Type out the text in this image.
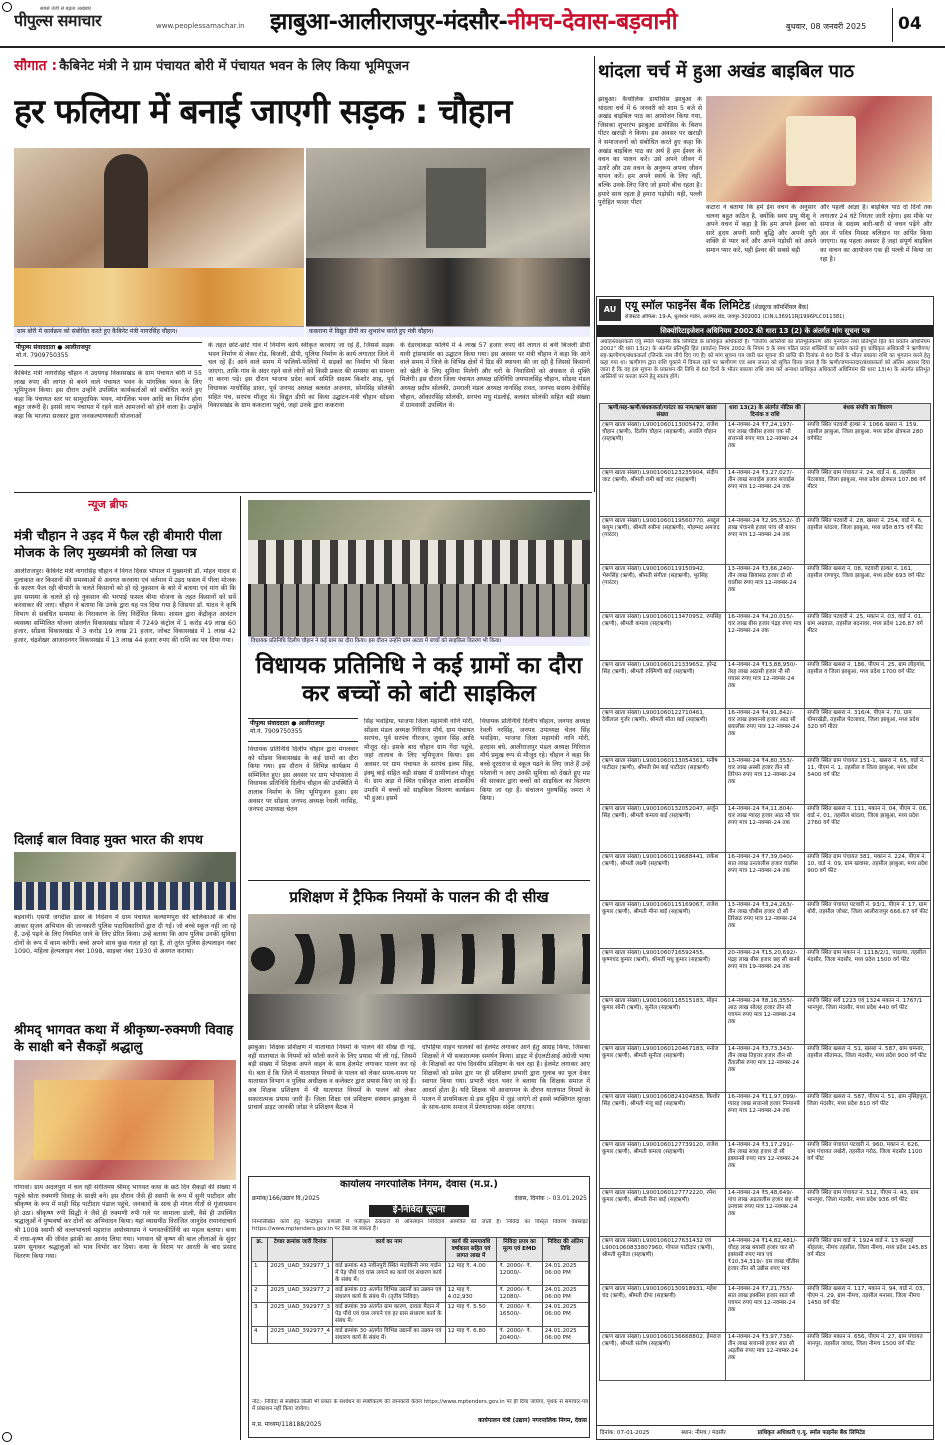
सबसे तेजी से बढ़ता अखबार
पीपुल्स समाचार	www.peoplessamachar.in	झाबुआ-आलीराजपुर-मंदसौर-नीमच-देवास-बड़वानी	बुधवार, 08 जनवरी 2025	04
सौगात : कैबिनेट मंत्री ने ग्राम पंचायत बोरी में पंचायत भवन के लिए किया भूमिपूजन
हर फलिया में बनाई जाएगी सड़क : चौहान
ग्राम बोरी में कार्यक्रम को संबोधित करते हुए कैबिनेट मंत्री नागरसिंह चौहान।	ककराना में विद्युत डीपी का शुभारंभ करते हुए मंत्री चौहान।
पीपुल्स संवाददाता ● आलीराजपुर
मो.नं. 7909750355
कैबिनेट मंत्री नागरसिंह चौहान ने उदयगढ़ विकासखंड के ग्राम पंचायत बोरी में 55 लाख रुपए की लागत से बनने वाले पंचायत भवन के मांगलिक भवन के लिए भूमिपूजन किया। इस दौरान उन्होंने उपस्थित कार्यकर्ताओं को संबोधित करते हुए कहा कि पंचायत स्तर पर सामुदायिक भवन, मांगलिक भवन आदि का निर्माण होना बहुत जरूरी है। इससे लाभ पंचायत में रहने वाले आमजनों को होने वाला है। उन्होंने कहा कि भाजपा सरकार द्वारा जनकल्याणकारी योजनाओं
के तहत छोटे-छोटे गांव में निर्माण कार्य स्वीकृत करवाए जा रहे हैं, जिससे सड़क भवन निर्माण से लेकर रोड, बिजली, डीपी, पुलिया निर्माण के कार्य लगातार जिले में चल रहे हैं। आने वाले समय में फलियों-फलियों में सड़कों का निर्माण भी किया जाएगा, ताकि गांव के अंदर रहने वाले लोगों को किसी प्रकार की समस्या का सामना ना करना पड़े। इस दौरान भाजपा प्रदेश कार्य समिति सदस्य किशोर शाह, पूर्व विधायक माधोसिंह डावर, पूर्व जनपद अध्यक्ष बलवंत अजनार, सोमसिंह सोलंकी सहित पंच, सरपंच मौजूद थे। विद्युत डीपी का किया उद्घाटन-मंत्री चौहान सोंडवा विकासखंड के ग्राम ककराना पहुंचे, जहां उनके द्वारा ककराना
के देडरवाकड़ा फलिये में 4 लाख 57 हजार रुपए की लागत से बनी बिजली डीपी यानी ट्रांसफार्मर का उद्घाटन किया गया। इस अवसर पर मंत्री चौहान ने कहा कि आने वाले समय में जिले के विभिन्न क्षेत्रों में ग्रिड की स्थापना की जा रही है जिससे किसानों को खेती के लिए सुविधा मिलेगी और घरों के निवासियों को अंधकार से मुक्ति मिलेगी। इस दौरान जिला पंचायत अध्यक्ष प्रतिनिधि जयपालसिंह चौहान, सोंडवा मंडल अध्यक्ष प्रदीप सोलंकी, उमराली मंडल अध्यक्ष नानसिंह रावत, जनपद सदस्य देवीसिंह चौहान, ओंकारसिंह सोलंकी, सरपंच मधु मंडलोई, बलवंत सोलंकी सहित बड़ी संख्या में ग्रामवासी उपस्थित थे।
थांदला चर्च में हुआ अखंड बाइबिल पाठ
झाबुआ। कैथोलिक डायोसिस झाबुआ के थांदला चर्च में 6 जनवरी को शाम 5 बजे से अखंड बाइबिल पाठ का आयोजन किया गया, जिसका शुभारंभ झाबुआ डायोसिस के बिशप पीटर खराड़ी ने किया। इस अवसर पर खराड़ी ने समाजजनों को संबोधित करते हुए कहा कि अखंड बाइबिल पाठ का अर्थ है हम ईश्वर के वचन का पालन करें। उसे अपने जीवन में उतारें और उस वचन के अनुरूप अपना जीवन यापन करें। हम अपने स्वार्थ के लिए नहीं, बल्कि उनके लिए जिएं जो हमारे बीच रहता है। हमारे साथ रहता है हमारा पड़ोसी। यही, पल्ली पुरोहित फादर पीटर
कटारा ने बताया कि हमें ईश वचन के अनुसार चलना बहुत कठिन है, क्योंकि स्वयं प्रभु यीशु ने अपने वचन में कहा है कि हम अपने ईश्वर को सारे हृदय अपनी सारी बुद्धि और अपनी पूरी शक्ति से प्यार करें और अपने पड़ोसी को अपने समान प्यार करें, यही ईश्वर की सबसे बड़ी
और पहली आज्ञा है। बाइबिल पाठ दो दिनों तक लगातार 24 घंटे निरंतर जारी रहेगा। इस मौके पर समाज के सदस्य बारी-बारी से वचन पढ़ेंगे और अंत में पवित्र मिस्सा बलिदान पर अर्पित किया जाएगा। यह पहला अवसर है जहां संपूर्ण बाइबिल का वाचन का आयोजन एक ही पल्ली में किया जा रहा है।
AU एयू स्मॉल फाइनेंस बैंक लिमिटेड (शेड्यूल्ड कॉमर्शियल बैंक)
रजिस्टर्ड ऑफिस: 19-A, धुलेश्वर गार्डन, अजमेर रोड, जयपुर-302001 (CIN:L36911RJ1996PLC011381)
सिक्योरिटाइजेशन अधिनियम 2002 की धारा 13 (2) के अंतर्गत मांग सूचना पत्र
अधोहस्ताक्षरकर्ता एयू स्मॉल फाइनेंस बैंक लिमिटेड के प्राधिकृत अधिकारी है। "वित्तीय आस्तियों का प्रतिभूतिकरण और पुनर्गठन तथा प्रतिभूति हित का प्रवर्तन अधिनियम 2002" की धारा 13(2) के अंतर्गत प्रतिभूति हित (प्रवर्तन) नियम 2002 के नियम 3 के साथ पठित प्रदत्त शक्तियों का प्रयोग करते हुए प्राधिकृत अधिकारी ने ऋणीगण/सह-ऋणीगण/बंधककर्ता (जिनके नाम नीचे दिए गए हैं) को मांग सूचना पत्र जारी कर सूचना की प्राप्ति की दिनांक से 60 दिनों के भीतर बकाया राशि का भुगतान करने हेतु कहा गया था। ऋणीगण द्वारा राशि चुकाने में विफल रहने पर ऋणीगण एवं आम जनता को सूचित किया जाता है कि ऋणी/जमानतदार/बंधककर्ता को अंतिम अवसर दिया जाता है कि वह इस सूचना के प्रकाशन की तिथि से 60 दिनों के भीतर बकाया राशि जमा करें अन्यथा प्राधिकृत अधिकारी अधिनियम की धारा 13(4) के अंतर्गत प्रतिभूत आस्तियों पर कब्जा करने हेतु स्वतंत्र होंगे।
ऋणी/सह-ऋणी/बंधककर्ता/गारंटर का नाम/ऋण खाता संख्या	धारा 13(2) के अंतर्गत नोटिस की दिनांक व राशि	बंधक संपत्ति का विवरण
(ऋण खाता संख्या) L9001060113005472, राजेश चौहान (ऋणी), दिलीप चौहान (सहऋणी), अंजलि चौहान (सहऋणी)	14-नवम्बर-24 ₹7,24,197/- चार लाख चौबीस हजार एक सौ सत्तानबे रुपए मात्र 12-नवम्बर-24 तक	संपत्ति स्थित पटवारी हल्का नं. 1066 खसरा नं. 159, तहसील झाबुआ, जिला झाबुआ, मध्य प्रदेश क्षेत्रफल 280 वर्गफीट
(ऋण खाता संख्या) L9001060123235904, संदीप जाट (ऋणी), श्रीमती रामी बाई जाट (सहऋणी)	14-नवम्बर-24 ₹3,27,027/- तीन लाख सत्ताईस हजार सत्ताईस रुपए मात्र 12-नवम्बर-24 तक	संपत्ति स्थित ग्राम पंचायत नं. 24, वार्ड नं. 6, तहसील पेटलावद, जिला झाबुआ, मध्य प्रदेश क्षेत्रफल 107.86 वर्ग मीटर
(ऋण खाता संख्या) L9001060119560770, अब्दुल कयूम (ऋणी), श्रीमती रुबीना (सहऋणी), मोहम्मद अमजद (गारंटर)	14-नवम्बर-24 ₹2,95,552/- दो लाख पंचानबे हजार पांच सौ बावन रुपए मात्र 12-नवम्बर-24 तक	संपत्ति स्थित पटवारी नं. 28, खसरा नं. 254, वार्ड नं. 6, तहसील थांदला, जिला झाबुआ, मध्य प्रदेश 875 वर्ग फीट
(ऋण खाता संख्या) L9001060119150942, भेरूसिंह (ऋणी), श्रीमती संगीता (सहऋणी), भूरसिंह (गारंटर)	13-नवम्बर-24 ₹3,66,240/- तीन लाख छियासठ हजार दो सौ चालीस रुपए मात्र 12-नवम्बर-24 तक	संपत्ति स्थित खसरा नं. 08, पटवारी हल्का नं. 161, तहसील राणापुर, जिला झाबुआ, मध्य प्रदेश 693 वर्ग फीट
(ऋण खाता संख्या) L9001060113470952, रुपसिंह (ऋणी), श्रीमती कमला (सहऋणी)	16-नवम्बर-24 ₹4,20,015/- चार लाख बीस हजार पंद्रह रुपए मात्र 12-नवम्बर-24 तक	संपत्ति स्थित पटवारी नं. 25, मकान नं. 03, वार्ड नं. 01, ग्राम अग्रवाल, तहसील बदनावर, मध्य प्रदेश 126.87 वर्ग मीटर
(ऋण खाता संख्या) L9001060121339652, हरेन्द्र सिंह (ऋणी), श्रीमती रुक्मिणी बाई (सहऋणी)	14-नवम्बर-24 ₹13,88,950/- तेरह लाख अठासी हजार नौ सौ पचास रुपए मात्र 12-नवम्बर-24 तक	संपत्ति स्थित खसरा नं. 186, पीएम नं. 25, ग्राम लोहगांव, तहसील व जिला झाबुआ, मध्य प्रदेश 1700 वर्ग फीट
(ऋण खाता संख्या) L9001060122710461, देवीलाल गुर्जर (ऋणी), श्रीमती सीता बाई (सहऋणी)	16-नवम्बर-24 ₹4,91,842/- चार लाख इक्यानबे हजार आठ सौ बयालीस रुपए मात्र 12-नवम्बर-24 तक	संपत्ति स्थित खसरा नं. 316/4, पीएम नं. 70, ग्राम धीमरखेड़ी, तहसील पेटलावद, जिला झाबुआ, मध्य प्रदेश 320 वर्ग मीटर
(ऋण खाता संख्या) L9001060113054361, मनीष पाटीदार (ऋणी), श्रीमती प्रेम बाई पाटीदार (सहऋणी)	13-नवम्बर-24 ₹4,80,353/- चार लाख अस्सी हजार तीन सौ तिरेपन रुपए मात्र 12-नवम्बर-24 तक	संपत्ति स्थित ग्राम पंचायत 151-1, खसरा नं. 65, वार्ड नं. 11, पीएम नं. 1, तहसील व जिला झाबुआ, मध्य प्रदेश 5400 वर्ग फीट
(ऋण खाता संख्या) L9001060132052047, अर्जुन सिंह (ऋणी), श्रीमती कमला बाई (सहऋणी)	14-नवम्बर-24 ₹4,11,804/- चार लाख ग्यारह हजार आठ सौ चार रुपए मात्र 12-नवम्बर-24 तक	संपत्ति स्थित खसरा नं. 111, मकान नं. 04, पीएम नं. 06, वार्ड नं. 01, तहसील थांदला, जिला झाबुआ, मध्य प्रदेश 2760 वर्ग फीट
(ऋण खाता संख्या) L9001060119688441, राकेश (ऋणी), श्रीमती लक्ष्मी (सहऋणी)	16-नवम्बर-24 ₹7,39,040/- सात लाख उनतालीस हजार चालीस रुपए मात्र 12-नवम्बर-24 तक	संपत्ति स्थित ग्राम पंचायत 381, मकान नं. 224, पीएम नं. 10, वार्ड नं. 09, ग्राम खवासा, तहसील झाबुआ, मध्य प्रदेश 900 वर्ग फीट
(ऋण खाता संख्या) L9001060115169067, राजेश कुमार (ऋणी), श्रीमती मीना बाई (सहऋणी)	13-नवम्बर-24 ₹3,24,263/- तीन लाख चौबीस हजार दो सौ तिरेसठ रुपए मात्र 12-नवम्बर-24 तक	संपत्ति स्थित पंचायत पटवारी नं. 93/1, पीएम नं. 17, ग्राम बोरी, तहसील जोबट, जिला आलीराजपुर 666.67 वर्ग फीट
(ऋण खाता संख्या) L9001060716592455, कृष्णचंद कुमार (ऋणी), श्रीमती मधु कुमार (सहऋणी)	20-नवम्बर-24 ₹15,20,692/- पंद्रह लाख बीस हजार छह सौ बानबे रुपए मात्र 19-नवम्बर-24 तक	संपत्ति स्थित ग्राम मकान नं. 1118/2/1, पाडल्या, तहसील मंदसौर, जिला मंदसौर, मध्य प्रदेश 1500 वर्ग फीट
(ऋण खाता संख्या) L9001060118515183, मोहन कुमार सोनी (ऋणी), सुनील (सहऋणी)	14-नवम्बर-24 ₹8,16,355/- आठ लाख सोलह हजार तीन सौ पचपन रुपए मात्र 12-नवम्बर-24 तक	संपत्ति स्थित सर्वे 1223 एवं 1324 मकान नं. 1767/1 भानपुरा, जिला मंदसौर, मध्य प्रदेश 440 वर्ग फीट
(ऋण खाता संख्या) L9001060120467183, मनोज कुमार (ऋणी), श्रीमती सुनीता (सहऋणी)	14-नवम्बर-24 ₹3,73,343/- तीन लाख तिहत्तर हजार तीन सौ तैंतालीस रुपए मात्र 12-नवम्बर-24 तक	संपत्ति स्थित खसरा नं. 51, खसरा नं. 587, ग्राम धमनार, तहसील सीतामऊ, जिला मंदसौर, मध्य प्रदेश 900 वर्ग फीट
(ऋण खाता संख्या) L9001060824104858, किशोर सिंह (ऋणी), श्रीमती मंजू बाई (सहऋणी)	16-नवम्बर-24 ₹11,97,099/- ग्यारह लाख सत्तानबे हजार निन्यानबे रुपए मात्र 12-नवम्बर-24 तक	संपत्ति स्थित खसरा नं. 587, पीएम नं. 51, ग्राम नृसिंहपुरा, जिला मंदसौर, मध्य प्रदेश 810 वर्ग फीट
(ऋण खाता संख्या) L9001060127739120, राजेश कुमार (ऋणी), श्रीमती कमला (सहऋणी)	14-नवम्बर-24 ₹3,17,291/- तीन लाख सत्रह हजार दो सौ इक्यानबे रुपए मात्र 12-नवम्बर-24 तक	संपत्ति स्थित पंचायत पटवारी नं. 960, मकान नं. 626, ग्राम पंचायत लखेरी, तहसील गरोठ, जिला मंदसौर 1100 वर्ग फीट
(ऋण खाता संख्या) L9001060127772220, रमेश कुमार (ऋणी), श्रीमती रीना बाई (सहऋणी)	14-नवम्बर-24 ₹5,48,649/- पांच लाख अड़तालीस हजार छह सौ उनचास रुपए मात्र 12-नवम्बर-24 तक	संपत्ति स्थित ग्राम पंचायत नं. 512, पीएम नं. 43, ग्राम भानपुरा, जिला मंदसौर, मध्य प्रदेश 936 वर्ग फीट
(ऋण खाता संख्या) L9001060127631432 एवं L9001060833807960, गोपाल पाटीदार (ऋणी), श्रीमती सुनीता (सहऋणी)	14-नवम्बर-24 ₹14,82,481/- चौदह लाख बयासी हजार चार सौ इक्यासी रुपए मात्र एवं ₹10,34,319/- दस लाख चौंतीस हजार तीन सौ उन्नीस रुपए मात्र	संपत्ति स्थित ग्राम वार्ड नं. 1924 वार्ड नं. 13 कन्हाई मोहल्ला, नीमच तहसील, जिला नीमच, मध्य प्रदेश 145.85 वर्ग मीटर
(ऋण खाता संख्या) L9001060130918931, महेश चंद (ऋणी), श्रीमती दीपा (सहऋणी)	14-नवम्बर-24 ₹7,21,755/- सात लाख इक्कीस हजार सात सौ पचपन रुपए मात्र 12-नवम्बर-24 तक	संपत्ति स्थित खसरा नं. 117, मकान नं. 94, वार्ड नं. 03, पीएम नं. 29, ग्राम नीमच, तहसील मनासा, जिला नीमच 1450 वर्ग फीट
(ऋण खाता संख्या) L9001060136668802, हेमराज (ऋणी), श्रीमती संतोष (सहऋणी)	14-नवम्बर-24 ₹3,97,738/- तीन लाख सत्तानबे हजार सात सौ अड़तीस रुपए मात्र 12-नवम्बर-24 तक	संपत्ति स्थित मकान नं. 656, पीएम नं. 27, ग्राम पंचायत मानपुर, तहसील जावद, जिला नीमच 1500 वर्ग फीट
दिनांक: 07-01-2025	स्थान: नीमच / मंदसौर	प्राधिकृत अधिकारी ए.यू. स्मॉल फाइनेंस बैंक लिमिटेड
न्यूज ब्रीफ
मंत्री चौहान ने उड़द में फैल रही बीमारी पीला मोजक के लिए मुख्यमंत्री को लिखा पत्र
आलीराजपुर। कैबिनेट मंत्री नागरसिंह चौहान ने विगत दिवस भोपाल में मुख्यमंत्री डॉ. मोहन यादव से मुलाकात कर किसानों की समस्याओं से अवगत करवाया एवं वर्तमान में उड़द फसल में पीला मोजक के कारण फैल रही बीमारी के चलते किसानों को हो रहे नुकसान के बारे में बताया एवं मांग की कि इस समस्या के चलते हो रहे नुकसान की भरपाई फसल बीमा योजना के तहत किसानों को सर्वे करवाकर की जाए। चौहान ने बताया कि उनके द्वारा यह पत्र दिया गया है जिसपर डॉ. यादव ने कृषि विभाग से संबंधित समस्या के निराकरण के लिए निर्देशित किया। शासन द्वारा केंद्रीकृत आवंटन व्यवस्था सम्मिलित योजना अंतर्गत विकासखंड सोंडवा में 7249 कंट्रोल में 1 करोड़ 49 लाख 60 हजार, सोंडवा विकासखंड में 3 करोड़ 19 लाख 21 हजार, जोबट विकासखंड में 1 लाख 42 हजार, चंद्रशेखर आजादनगर विकासखंड में 13 लाख 44 हजार रुपए की राशि का पत्र दिया गया।
दिलाई बाल विवाह मुक्त भारत की शपथ
बड़वानी। एसपी जगदीश डावर के निर्देशन में ग्राम पंचायत कल्याणपुरा की बालिकाओं के बीच आकर सृजन अभियान की जानकारी पुलिस पदाधिकारियों द्वारा दी गई। जो बच्चे स्कूल नहीं जा रहे हैं, उन्हें पढ़ने के लिए नियमित जाने के लिए प्रेरित किया। उन्हें बताया कि आप पुलिस उनकी सुविधा दोनों के रूप में काम करेगी। बच्चे अपने साथ कुछ गलत हो रहा है, तो तुरंत पुलिस हेल्पलाइन नंबर 1090, महिला हेल्पलाइन नंबर 1098, साइबर नंबर 1930 से अवगत कराया।
श्रीमद् भागवत कथा में श्रीकृष्ण-रुक्मणी विवाह के साक्षी बने सैकड़ों श्रद्धालु
गोगावां। ग्राम अदलपुरा में चल रही संगीतमय श्रीमद् भागवत कथा के छठे दिन सैकड़ों की संख्या में पहुंचे श्रोता रुक्मणी विवाह के साक्षी बने। इस दौरान जैसे ही स्वामी के रूप में सुनी पाटीदार और श्रीकृष्ण के रूप में माही सिंह पाटीदार पंडाल पहुंचे, जनकारों के साथ ही मंगल गीतों से गूंजायमान हो उठा। श्रीकृष्ण रुपी सिद्धी ने जैसे ही रुक्मणी रुपी गले पर वरमाला डाली, वैसे ही उपस्थित श्रद्धालुओं ने पुष्पवर्षा कर दोनों का अभिवादन किया। यहां व्यासपीठ विराजित जानुदेव रामानंदाचार्य श्री 1008 स्वामी श्री वल्लभाचार्य महाराज अयोध्याधाम ने भगवतकीर्तिनी का महत्व बताया। कथा में राधा-कृष्ण की जीवंत झांकी का आनंद लिया गया। भगवान श्री कृष्ण की बाल लीलाओं के सुंदर प्रसंग सुनाकर श्रद्धालुओं को भाव विभोर कर दिया। कथा के विराम पर आरती के बाद प्रसाद वितरण किया गया।
विधायक प्रतिनिधि दिलीप चौहान ने कई ग्राम का दौरा किया। इस दौरान उन्होंने ग्राम अटडा में बच्चों को साइकिल वितरण भी किया।
विधायक प्रतिनिधि ने कई ग्रामों का दौरा कर बच्चों को बांटी साइकिल
पीपुल्स संवाददाता ● आलीराजपुर
मो.नं. 7909750355
विधायक प्रतिनिधि दिलीप चौहान द्वारा मंगलवार को सोंडवा विकासखंड के कई ग्रामों का दौरा किया गया। इस दौरान वे विभिन्न कार्यक्रम में सम्मिलित हुए। इस अवसर पर ग्राम भोपावाला में विधायक प्रतिनिधि दिलीप चौहान की उपस्थिति में तालाब निर्माण के लिए भूमिपूजन हुआ। इस अवसर पर सोंडवा जनपद अध्यक्ष रेवली नरसिंह, जनपद उपाध्यक्ष चेतन
सिंह भवड़िया, भाजपा जिला महामंत्री नानि मोरी, सोंडवा मंडल अध्यक्ष गिरिराज मौर्य, ग्राम पंचायत सरपंच, पूर्व सरपंच गीरजन, जुवान सिंह आदि मौजूद रहे। इसके बाद चौहान ग्राम गेंदा पहुंचे, जहां तालाब के लिए भूमिपूजन किया। इस अवसर पर ग्राम पंचायत के सरपंच इलम सिंह, इंक्यू बाई सहित बड़ी संख्या में ग्रामीणजन मौजूद थे। ग्राम अड़ा में स्थित एकीकृत शाला शासकीय उमावि में बच्चों को साइकिल वितरण कार्यक्रम भी हुआ। इसमें
विधायक प्रतिनिधि दिलीप चौहान, जनपद अध्यक्ष रेवली नरसिंह, जनपद उपाध्यक्ष चेतन सिंह भवड़िया, भाजपा जिला महामंत्री नानि मोरी, हरदास बघे, आलीराजपुर मंडल अध्यक्ष गिरिराज मौर्य प्रमुख रूप से मौजूद रहे। चौहान ने कहा कि बच्चे दूरदराज से स्कूल पढ़ने के लिए जाते हैं उन्हें परेशानी न आए उनकी सुविधा को देखते हुए मप्र की सरकार द्वारा बच्चों को साइकिल का वितरण किया जा रहा है। संचालन पुरुषसिंह जमरा ने किया।
प्रशिक्षण में ट्रैफिक नियमों के पालन की दी सीख
झाबुआ। शिक्षक प्रशिक्षण में यातायात नियमों के पालन की सीख दी गई, वहीं यातायात के नियमों को फॉलो करने के लिए प्रयास भी ली गई, जिसमें बड़ी संख्या में शिक्षक अपने वाहन के साथ हेलमेट लगाकर पालन कर रहे थे। बता दें कि जिले में यातायात नियमों के पालन को लेकर समय-समय पर यातायात विभाग व पुलिस अधीक्षक व कलेक्टर द्वारा प्रयास किए जा रहे हैं। अब शिक्षक प्रशिक्षण में भी यातायात नियमों के पालन को लेकर सकारात्मक प्रयास जारी हैं। जिला शिक्षा एवं प्रशिक्षण संस्थान झाबुआ में प्राचार्य डाइट जानकी जोडा ने प्रशिक्षण बैठक में
दोपहिया वाहन चालकों को हेलमेट लगाकर आने हेतु आग्रह किया, जिसका शिक्षकों ने भी सकारात्मक समर्थन किया। डाइट में ईएलटीआई अंग्रेजी भाषा के शिक्षकों का पांच दिवसीय प्रशिक्षण के चल रहा है। हेलमेट लगाकर आए शिक्षकों को प्रवेश द्वार पर ही प्रशिक्षण प्रभारी द्वारा गुलाब का फूल देकर स्वागत किया गया। प्रभारी चंदन भवर ने बताया कि शिक्षक समाज में आदर्श होता है। यदि शिक्षक भी आवागमन के दौरान यातायात नियमों के पालन में प्राथमिकता से इस मुहिम में जुड़ जाएंगे तो इससे व्यक्तिगत सुरक्षा के साथ-साथ समाज में प्रेरणादायक संदेश जाएगा।
कार्यालय नगरपालिक निगम, देवास (म.प्र.)
क्रमांक/166/उद्यान वि./2025	देवास, दिनांक :- 03.01.2025
ई-निविदा सूचना
निम्नलिखित कार्य हेतु केन्द्रीकृत प्रणाली में पंजीकृत ठेकेदारों से ऑनलाइन निविदायें आमंत्रित की जाती हैं। निविदा का विस्तृत विवरण वेबसाइट https://www.mptenders.gov.in पर देखा जा सकता है।
क्र.	टेण्डर क्रमांक जारी दिनांक	कार्य का नाम	कार्य की समयावधि वर्षाकाल सहित एवं लागत लाख में	निविदा प्रपत्र का मूल्य एवं EMD	निविदा की अंतिम तिथि
1	2025_UAD_392977_1	वार्ड क्रमांक 43 नवीनपुरी स्थित मंदाकिनी नगर गार्डन में पेड़ पौधे एवं घास लगाने का कार्य एवं संधारण कार्य के संबंध में।	12 माह ₹. 4.00	₹. 2000/- ₹. 12000/-	24.01.2025 06:00 PM
2	2025_UAD_392977_2	वार्ड क्रमांक 03 अंतर्गत विभिन्न उद्यानों का उन्नयन एवं संधारण कार्य के संबंध में। (तृतीय निविदा)	12 माह ₹. 4.02,930	₹. 2000/- ₹. 12080/-	24.01.2025 06:00 PM
3	2025_UAD_392977_3	वार्ड क्रमांक 39 अंतर्गत ग्राम कारण, दावता मैदान में पेड़ पौधे एवं घास लगाने एवं हर ग्रास संधारण कार्य के संबंध में।	12 माह ₹. 5.50	₹. 2000/- ₹. 16500/-	24.01.2025 06:00 PM
4	2025_UAD_392977_4	वार्ड क्रमांक 30 अंतर्गत विभिन्न उद्यानों का उन्नयन एवं संधारण कार्य के संबंध में।	12 माह ₹. 6.80	₹. 2000/- ₹. 20400/-	24.01.2025 06:00 PM
नोट:- निविदा से संबंधित किसी भी प्रकार के संशोधन या स्पष्टीकरण की जानकारी केवल https://www.mptenders.gov.in पर ही दिया जायेगा, पृथक से समाचार-पत्र में प्रकाशन नहीं किया जायेगा।
म.प्र. माध्यम/118188/2025
कार्यपालन यंत्री (उद्यान) नगरपालिक निगम, देवास
